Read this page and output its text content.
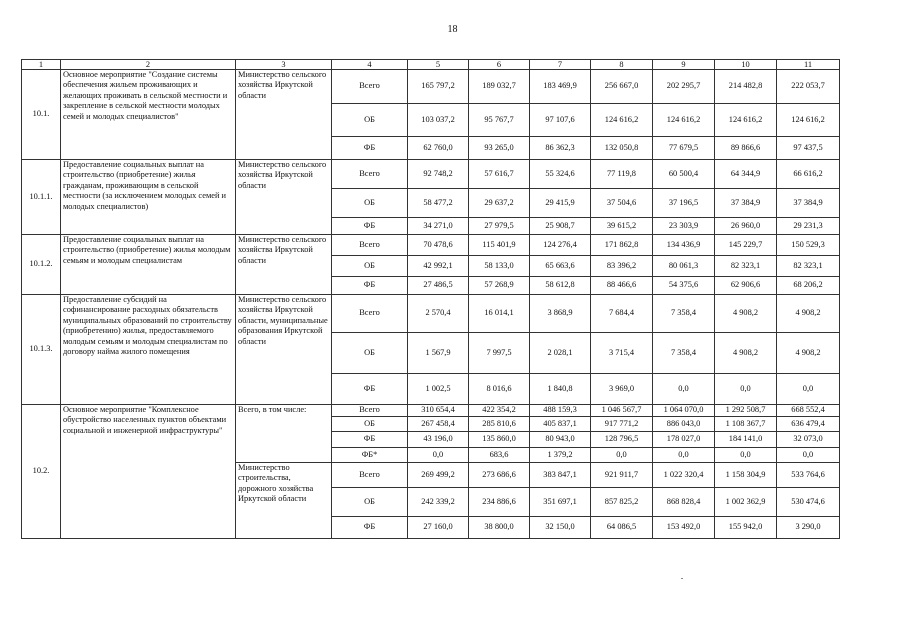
18
1	2	3	4	5	6	7	8	9	10	11
10.1.	Основное мероприятие "Создание системы обеспечения жильем проживающих и желающих проживать в сельской местности и закрепление в сельской местности молодых семей и молодых специалистов"	Министерство сельского хозяйства Иркутской области	Всего	165 797,2	189 032,7	183 469,9	256 667,0	202 295,7	214 482,8	222 053,7
			ОБ	103 037,2	95 767,7	97 107,6	124 616,2	124 616,2	124 616,2	124 616,2
			ФБ	62 760,0	93 265,0	86 362,3	132 050,8	77 679,5	89 866,6	97 437,5
10.1.1.	Предоставление социальных выплат на строительство (приобретение) жилья гражданам, проживающим в сельской местности (за исключением молодых семей и молодых специалистов)	Министерство сельского хозяйства Иркутской области	Всего	92 748,2	57 616,7	55 324,6	77 119,8	60 500,4	64 344,9	66 616,2
			ОБ	58 477,2	29 637,2	29 415,9	37 504,6	37 196,5	37 384,9	37 384,9
			ФБ	34 271,0	27 979,5	25 908,7	39 615,2	23 303,9	26 960,0	29 231,3
10.1.2.	Предоставление социальных выплат на строительство (приобретение) жилья молодым семьям и молодым специалистам	Министерство сельского хозяйства Иркутской области	Всего	70 478,6	115 401,9	124 276,4	171 862,8	134 436,9	145 229,7	150 529,3
			ОБ	42 992,1	58 133,0	65 663,6	83 396,2	80 061,3	82 323,1	82 323,1
			ФБ	27 486,5	57 268,9	58 612,8	88 466,6	54 375,6	62 906,6	68 206,2
10.1.3.	Предоставление субсидий на софинансирование расходных обязательств муниципальных образований по строительству (приобретению) жилья, предоставляемого молодым семьям и молодым специалистам по договору найма жилого помещения	Министерство сельского хозяйства Иркутской области, муниципальные образования Иркутской области	Всего	2 570,4	16 014,1	3 868,9	7 684,4	7 358,4	4 908,2	4 908,2
			ОБ	1 567,9	7 997,5	2 028,1	3 715,4	7 358,4	4 908,2	4 908,2
			ФБ	1 002,5	8 016,6	1 840,8	3 969,0	0,0	0,0	0,0
10.2.	Основное мероприятие "Комплексное обустройство населенных пунктов объектами социальной и инженерной инфраструктуры"	Всего, в том числе:	Всего	310 654,4	422 354,2	488 159,3	1 046 567,7	1 064 070,0	1 292 508,7	668 552,4
			ОБ	267 458,4	285 810,6	405 837,1	917 771,2	886 043,0	1 108 367,7	636 479,4
			ФБ	43 196,0	135 860,0	80 943,0	128 796,5	178 027,0	184 141,0	32 073,0
			ФБ*	0,0	683,6	1 379,2	0,0	0,0	0,0	0,0
		Министерство строительства, дорожного хозяйства Иркутской области	Всего	269 499,2	273 686,6	383 847,1	921 911,7	1 022 320,4	1 158 304,9	533 764,6
			ОБ	242 339,2	234 886,6	351 697,1	857 825,2	868 828,4	1 002 362,9	530 474,6
			ФБ	27 160,0	38 800,0	32 150,0	64 086,5	153 492,0	155 942,0	3 290,0
